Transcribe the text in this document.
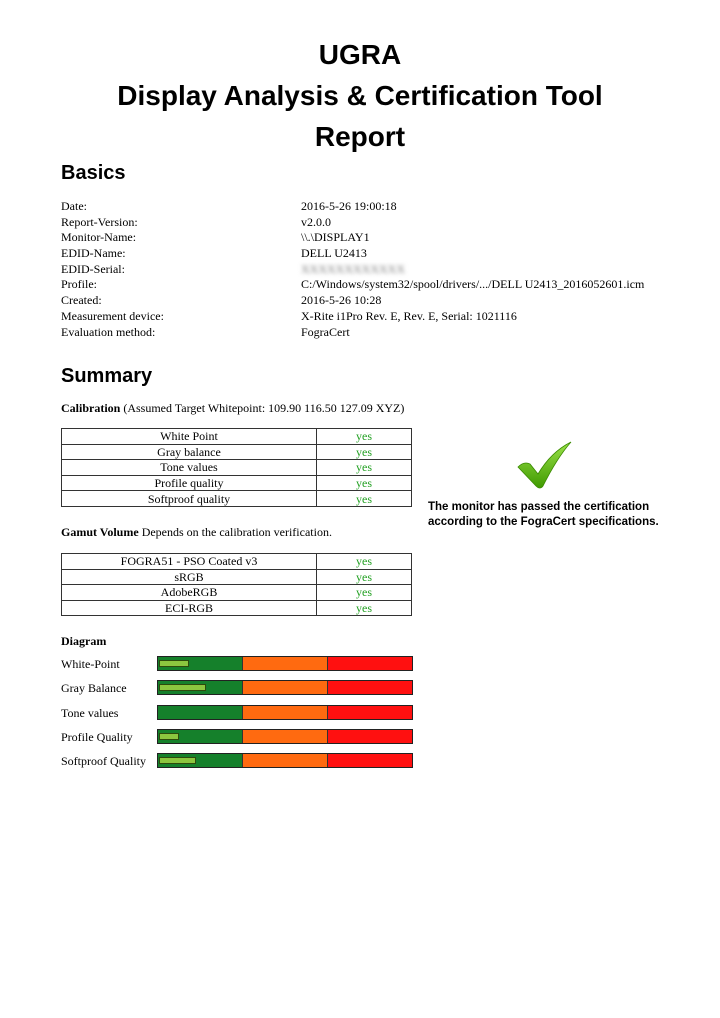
UGRA
Display Analysis & Certification Tool
Report
Basics
Date:	2016-5-26 19:00:18
Report-Version:	v2.0.0
Monitor-Name:	\\.\DISPLAY1
EDID-Name:	DELL U2413
EDID-Serial:	XXXXXXXXXXXX
Profile:	C:/Windows/system32/spool/drivers/.../DELL U2413_2016052601.icm
Created:	2016-5-26 10:28
Measurement device:	X-Rite i1Pro Rev. E, Rev. E, Serial: 1021116
Evaluation method:	FograCert
Summary
Calibration (Assumed Target Whitepoint: 109.90 116.50 127.09 XYZ)
White Point	yes
Gray balance	yes
Tone values	yes
Profile quality	yes
Softproof quality	yes
The monitor has passed the certification according to the FograCert specifications.
Gamut Volume Depends on the calibration verification.
FOGRA51 - PSO Coated v3	yes
sRGB	yes
AdobeRGB	yes
ECI-RGB	yes
Diagram
White-Point
Gray Balance
Tone values
Profile Quality
Softproof Quality
